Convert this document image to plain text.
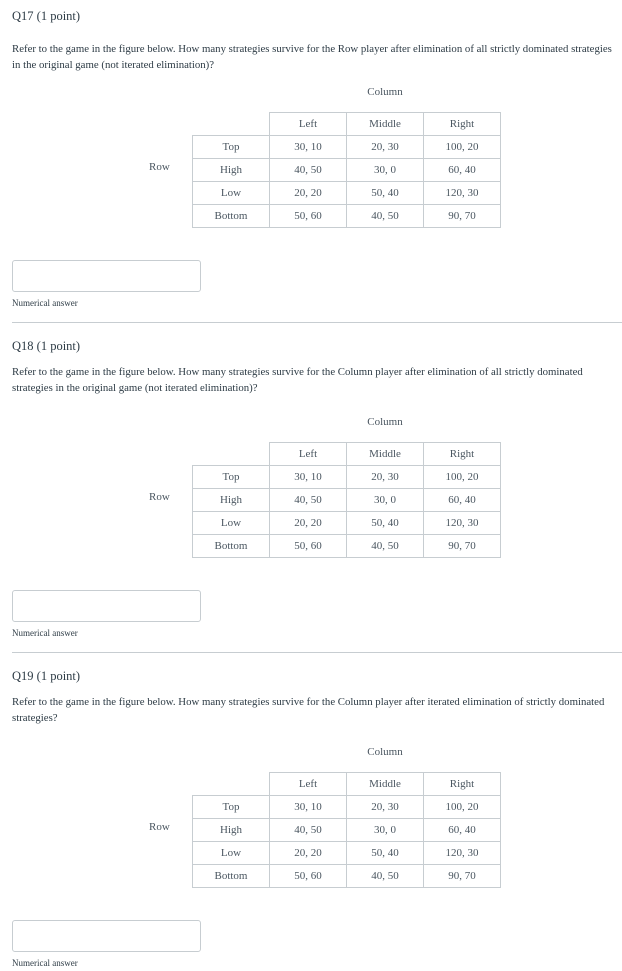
Q17 (1 point)
Refer to the game in the figure below. How many strategies survive for the Row player after elimination of all strictly dominated strategies in the original game (not iterated elimination)?
Column
Row
	Left	Middle	Right
Top	30, 10	20, 30	100, 20
High	40, 50	30, 0	60, 40
Low	20, 20	50, 40	120, 30
Bottom	50, 60	40, 50	90, 70
Numerical answer
Q18 (1 point)
Refer to the game in the figure below. How many strategies survive for the Column player after elimination of all strictly dominated strategies in the original game (not iterated elimination)?
Column
Row
	Left	Middle	Right
Top	30, 10	20, 30	100, 20
High	40, 50	30, 0	60, 40
Low	20, 20	50, 40	120, 30
Bottom	50, 60	40, 50	90, 70
Numerical answer
Q19 (1 point)
Refer to the game in the figure below. How many strategies survive for the Column player after iterated elimination of strictly dominated strategies?
Column
Row
	Left	Middle	Right
Top	30, 10	20, 30	100, 20
High	40, 50	30, 0	60, 40
Low	20, 20	50, 40	120, 30
Bottom	50, 60	40, 50	90, 70
Numerical answer
